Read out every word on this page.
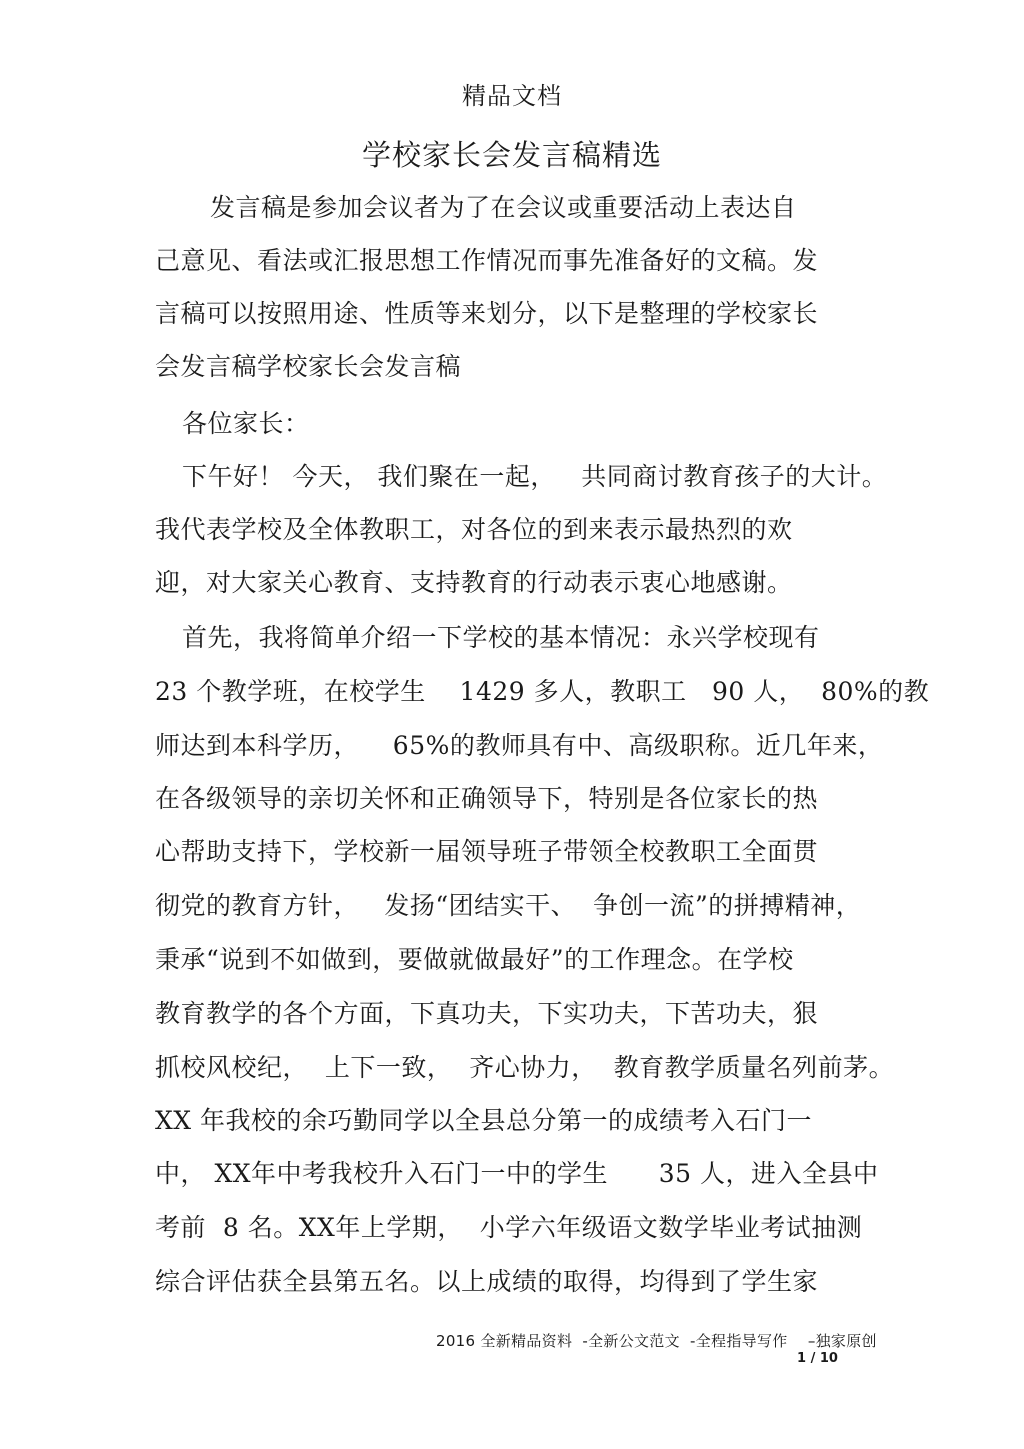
精品文档
学校家长会发言稿精选
发言稿是参加会议者为了在会议或重要活动上表达自
己意见、看法或汇报思想工作情况而事先准备好的文稿。发
言稿可以按照用途、性质等来划分，以下是整理的学校家长
会发言稿学校家长会发言稿
各位家长：
下午好！ 今天， 我们聚在一起，   共同商讨教育孩子的大计。
我代表学校及全体教职工，对各位的到来表示最热烈的欢
迎，对大家关心教育、支持教育的行动表示衷心地感谢。
首先，我将简单介绍一下学校的基本情况：永兴学校现有
23 个教学班，在校学生    1429 多人，教职工   90 人，  80%的教
师达到本科学历，    65%的教师具有中、高级职称。近几年来，
在各级领导的亲切关怀和正确领导下，特别是各位家长的热
心帮助支持下，学校新一届领导班子带领全校教职工全面贯
彻党的教育方针，   发扬“团结实干、  争创一流”的拼搏精神，
秉承“说到不如做到，要做就做最好”的工作理念。在学校
教育教学的各个方面，下真功夫，下实功夫，下苦功夫，狠
抓校风校纪，  上下一致，  齐心协力，  教育教学质量名列前茅。
XX 年我校的余巧勤同学以全县总分第一的成绩考入石门一
中， XX年中考我校升入石门一中的学生      35 人，进入全县中
考前  8 名。XX年上学期，  小学六年级语文数学毕业考试抽测
综合评估获全县第五名。以上成绩的取得，均得到了学生家
2016 全新精品资料  -全新公文范文  -全程指导写作    –独家原创
1 / 10
